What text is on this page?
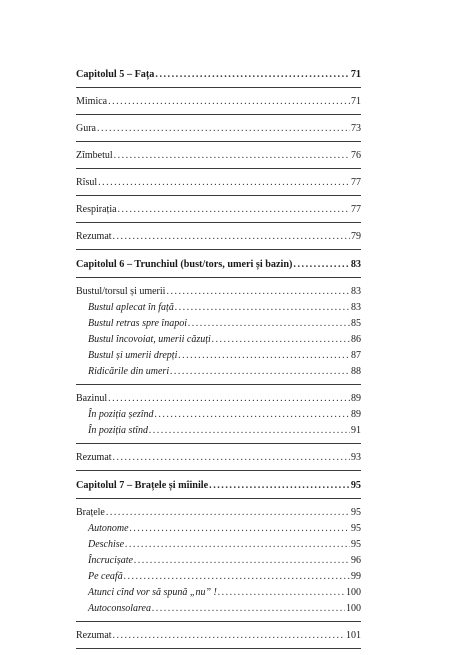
Capitolul 5 – Fața .....	71
Mimica .....	71
Gura .....	73
Zîmbetul .....	76
Rîsul .....	77
Respirația .....	77
Rezumat .....	79
Capitolul 6 – Trunchiul (bust/tors, umeri și bazin) .....	83
Bustul/torsul și umerii .....	83
Bustul aplecat în față .....	83
Bustul retras spre înapoi .....	85
Bustul încovoiat, umerii căzuți .....	86
Bustul și umerii drepți .....	87
Ridicările din umeri .....	88
Bazinul .....	89
În poziția șezînd .....	89
În poziția stînd .....	91
Rezumat .....	93
Capitolul 7 – Brațele și mîinile .....	95
Brațele .....	95
Autonome .....	95
Deschise .....	95
Încrucișate .....	96
Pe ceafă .....	99
Atunci cînd vor să spună „nu” ! .....	100
Autoconsolarea .....	100
Rezumat .....	101
